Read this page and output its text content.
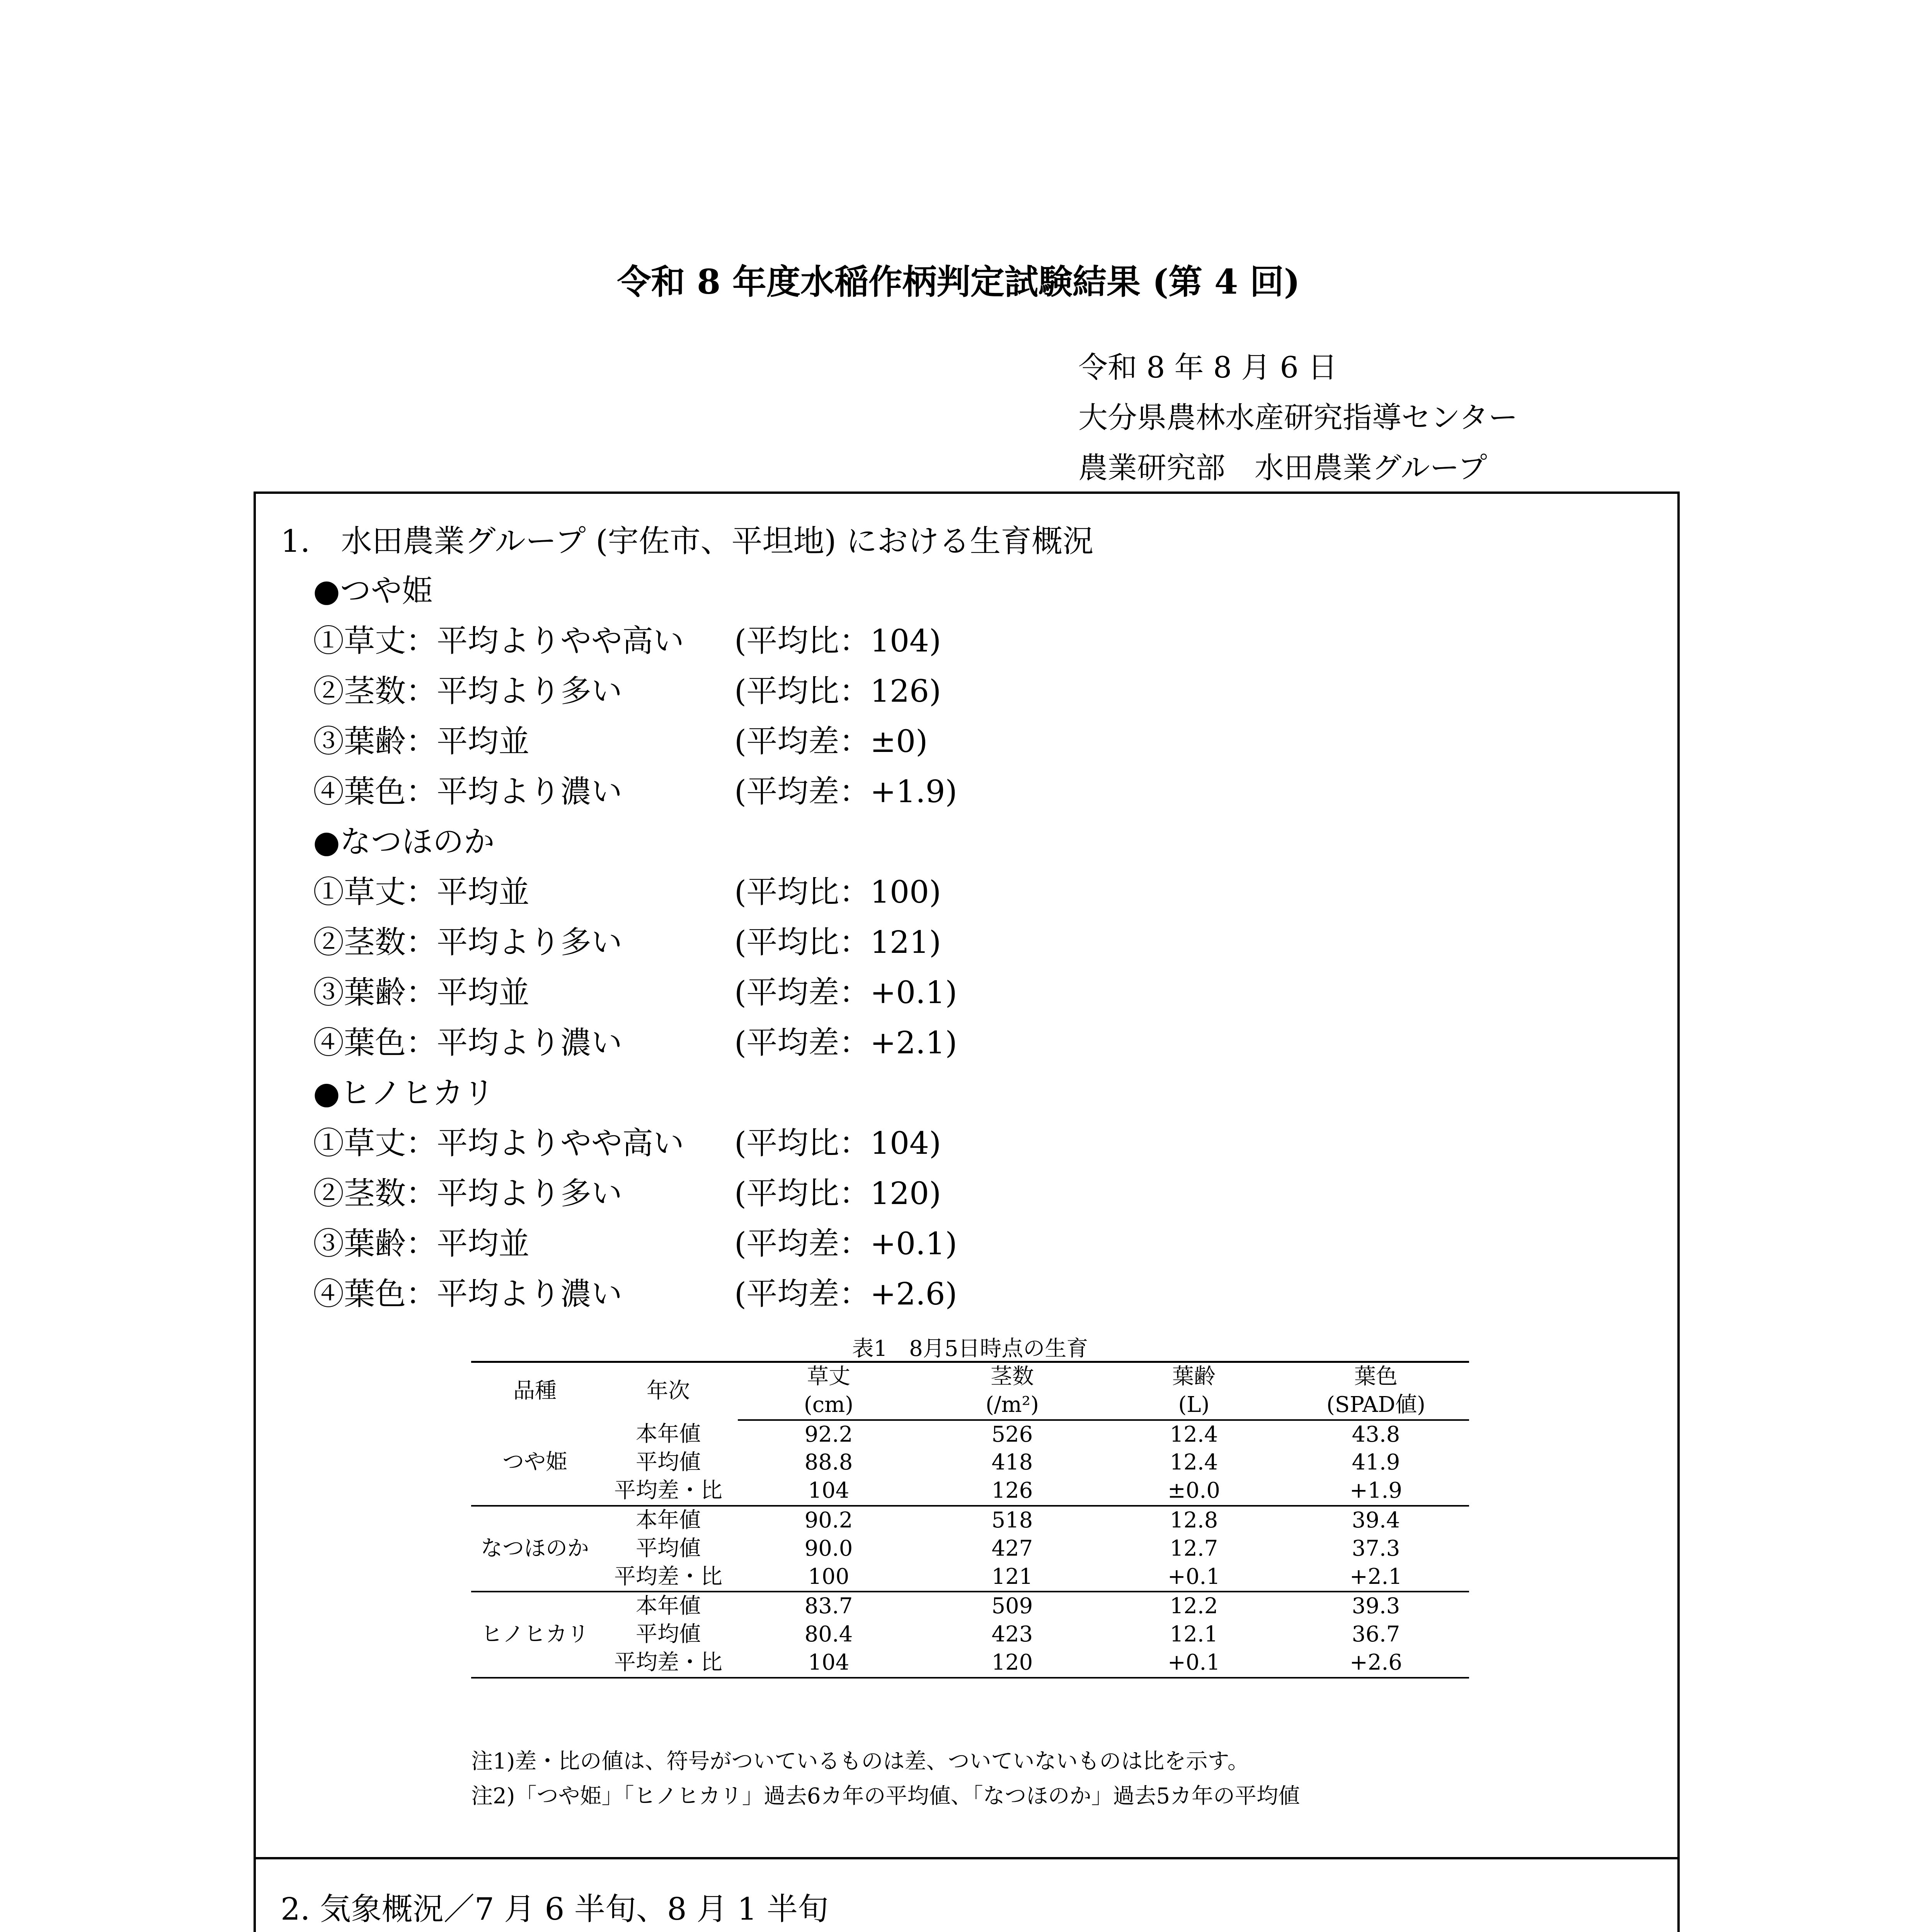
令和 8 年度水稲作柄判定試験結果 (第 4 回)
令和 8 年 8 月 6 日
大分県農林水産研究指導センター
農業研究部　水田農業グループ
1.　水田農業グループ (宇佐市、平坦地) における生育概況
●つや姫
①草丈：平均よりやや高い (平均比：104)
②茎数：平均より多い	(平均比：126)
③葉齢：平均並	(平均差：±0)
④葉色：平均より濃い	(平均差：+1.9)
●なつほのか
①草丈：平均並	(平均比：100)
②茎数：平均より多い	(平均比：121)
③葉齢：平均並	(平均差：+0.1)
④葉色：平均より濃い	(平均差：+2.1)
●ヒノヒカリ
①草丈：平均よりやや高い (平均比：104)
②茎数：平均より多い	(平均比：120)
③葉齢：平均並	(平均差：+0.1)
④葉色：平均より濃い	(平均差：+2.6)
表1　8月5日時点の生育
品種	年次	草丈	茎数	葉齢	葉色
		(cm)	(/m²)	(L)	(SPAD値)
つや姫	本年値	92.2	526	12.4	43.8
	平均値	88.8	418	12.4	41.9
	平均差・比	104	126	±0.0	+1.9
なつほのか	本年値	90.2	518	12.8	39.4
	平均値	90.0	427	12.7	37.3
	平均差・比	100	121	+0.1	+2.1
ヒノヒカリ	本年値	83.7	509	12.2	39.3
	平均値	80.4	423	12.1	36.7
	平均差・比	104	120	+0.1	+2.6
注1)差・比の値は、符号がついているものは差、ついていないものは比を示す。
注2)「つや姫」「ヒノヒカリ」過去6カ年の平均値、「なつほのか」過去5カ年の平均値
2. 気象概況／7 月 6 半旬、8 月 1 半旬
